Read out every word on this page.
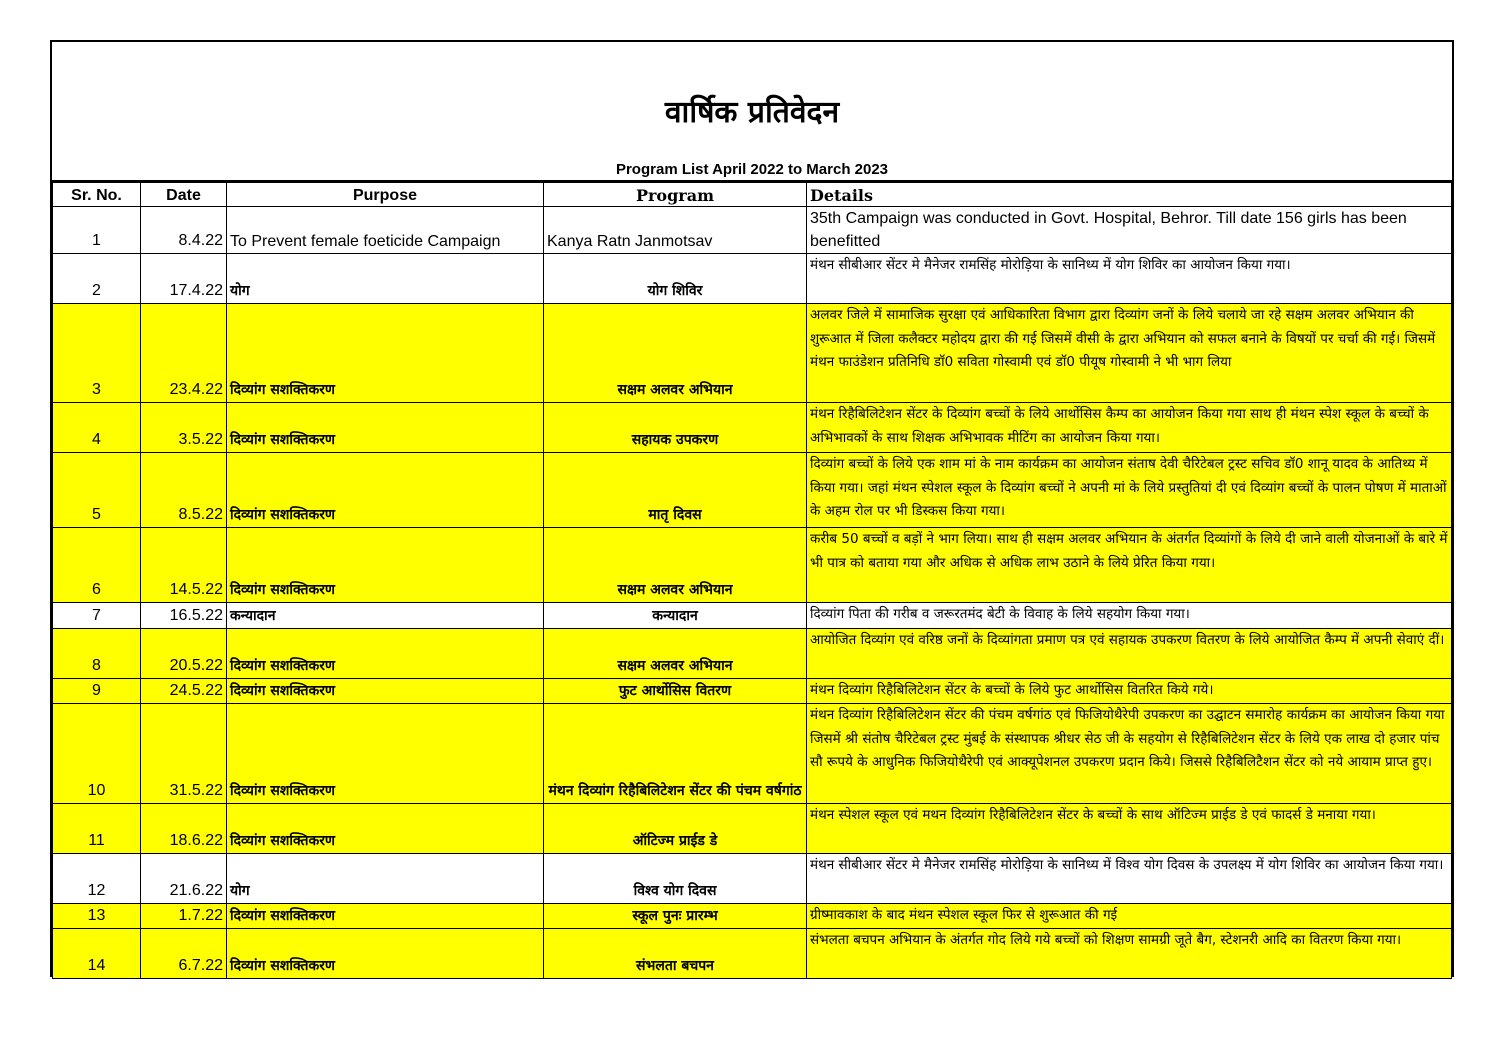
वार्षिक प्रतिवेदन
Program List April 2022 to March 2023
Sr. No.	Date	Purpose	Program	Details
1	8.4.22	To Prevent female foeticide Campaign	Kanya Ratn Janmotsav	35th Campaign was conducted in Govt. Hospital, Behror. Till date 156 girls has been benefitted
2	17.4.22	योग	योग शिविर	मंथन सीबीआर सेंटर मे मैनेजर रामसिंह मोरोड़िया के सानिध्य में योग शिविर का आयोजन किया गया।
3	23.4.22	दिव्यांग सशक्तिकरण	सक्षम अलवर अभियान	अलवर जिले में सामाजिक सुरक्षा एवं आधिकारिता विभाग द्वारा दिव्यांग जनों के लिये चलाये जा रहे सक्षम अलवर अभियान की शुरूआत में जिला कलैक्टर महोदय द्वारा की गई जिसमें वीसी के द्वारा अभियान को सफल बनाने के विषयों पर चर्चा की गई। जिसमें मंथन फाउंडेशन प्रतिनिधि डॉ0 सविता गोस्वामी एवं डॉ0 पीयूष गोस्वामी ने भी भाग लिया
4	3.5.22	दिव्यांग सशक्तिकरण	सहायक उपकरण	मंथन रिहैबिलिटेशन सेंटर के दिव्यांग बच्चों के लिये आर्थोसिस कैम्प का आयोजन किया गया साथ ही मंथन स्पेश स्कूल के बच्चों के अभिभावकों के साथ शिक्षक अभिभावक मीटिंग का आयोजन किया गया।
5	8.5.22	दिव्यांग सशक्तिकरण	मातृ दिवस	दिव्यांग बच्चों के लिये एक शाम मां के नाम कार्यक्रम का आयोजन संताष देवी चैरिटेबल ट्रस्ट सचिव डॉ0 शानू यादव के आतिथ्य में किया गया। जहां मंथन स्पेशल स्कूल के दिव्यांग बच्चों ने अपनी मां के लिये प्रस्तुतियां दी एवं दिव्यांग बच्चों के पालन पोषण में माताओं के अहम रोल पर भी डिस्कस किया गया।
6	14.5.22	दिव्यांग सशक्तिकरण	सक्षम अलवर अभियान	करीब 50 बच्चों व बड़ों ने भाग लिया। साथ ही सक्षम अलवर अभियान के अंतर्गत दिव्यांगों के लिये दी जाने वाली योजनाओं के बारे में भी पात्र को बताया गया और अधिक से अधिक लाभ उठाने के लिये प्रेरित किया गया।
7	16.5.22	कन्यादान	कन्यादान	दिव्यांग पिता की गरीब व जरूरतमंद बेटी के विवाह के लिये सहयोग किया गया।
8	20.5.22	दिव्यांग सशक्तिकरण	सक्षम अलवर अभियान	आयोजित दिव्यांग एवं वरिष्ठ जनों के दिव्यांगता प्रमाण पत्र एवं सहायक उपकरण वितरण के लिये आयोजित कैम्प में अपनी सेवाएं दीं।
9	24.5.22	दिव्यांग सशक्तिकरण	फुट आर्थोसिस वितरण	मंथन दिव्यांग रिहैबिलिटेशन सेंटर के बच्चों के लिये फुट आर्थोसिस वितरित किये गये।
10	31.5.22	दिव्यांग सशक्तिकरण	मंथन दिव्यांग रिहैबिलिटेशन सेंटर की पंचम वर्षगांठ	मंथन दिव्यांग रिहैबिलिटेशन सेंटर की पंचम वर्षगांठ एवं फिजियोथैरेपी उपकरण का उद्घाटन समारोह कार्यक्रम का आयोजन किया गया जिसमें श्री संतोष चैरिटेबल ट्रस्ट मुंबई के संस्थापक श्रीधर सेठ जी के सहयोग से रिहैबिलिटेशन सेंटर के लिये एक लाख दो हजार पांच सौ रूपये के आधुनिक फिजियोथैरेपी एवं आक्यूपेशनल उपकरण प्रदान किये। जिससे रिहैबिलिटैशन सेंटर को नये आयाम प्राप्त हुए।
11	18.6.22	दिव्यांग सशक्तिकरण	ऑटिज्म प्राईड डे	मंथन स्पेशल स्कूल एवं मथन दिव्यांग रिहैबिलिटेशन सेंटर के बच्चों के साथ ऑटिज्म प्राईड डे एवं फादर्स डे मनाया गया।
12	21.6.22	योग	विश्व योग दिवस	मंथन सीबीआर सेंटर मे मैनेजर रामसिंह मोरोड़िया के सानिध्य में विश्व योग दिवस के उपलक्ष्य में योग शिविर का आयोजन किया गया।
13	1.7.22	दिव्यांग सशक्तिकरण	स्कूल पुनः प्रारम्भ	ग्रीष्मावकाश के बाद मंथन स्पेशल स्कूल फिर से शुरूआत की गई
14	6.7.22	दिव्यांग सशक्तिकरण	संभलता बचपन	संभलता बचपन अभियान के अंतर्गत गोद लिये गये बच्चों को शिक्षण सामग्री जूते बैग, स्टेशनरी आदि का वितरण किया गया।
